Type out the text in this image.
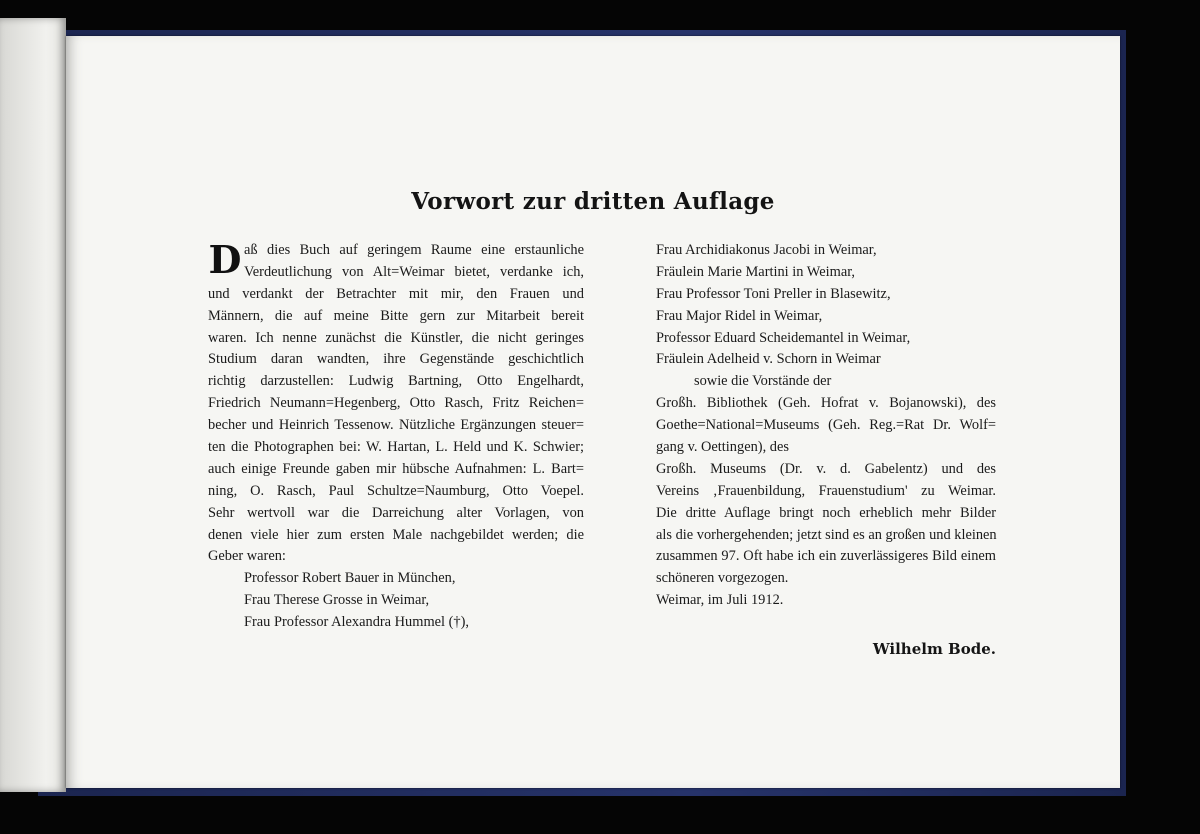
Vorwort zur dritten Auflage
D aß dies Buch auf geringem Raume eine erstaunliche
Verdeutlichung von Alt=Weimar bietet, verdanke ich,
und verdankt der Betrachter mit mir, den Frauen und
Männern, die auf meine Bitte gern zur Mitarbeit bereit
waren. Ich nenne zunächst die Künstler, die nicht geringes
Studium daran wandten, ihre Gegenstände geschichtlich
richtig darzustellen: Ludwig Bartning, Otto Engelhardt,
Friedrich Neumann=Hegenberg, Otto Rasch, Fritz Reichen=
becher und Heinrich Tessenow. Nützliche Ergänzungen steuer=
ten die Photographen bei: W. Hartan, L. Held und K. Schwier;
auch einige Freunde gaben mir hübsche Aufnahmen: L. Bart=
ning, O. Rasch, Paul Schultze=Naumburg, Otto Voepel.
Sehr wertvoll war die Darreichung alter Vorlagen, von
denen viele hier zum ersten Male nachgebildet werden; die
Geber waren:
Professor Robert Bauer in München,
Frau Therese Grosse in Weimar,
Frau Professor Alexandra Hummel (†),
Frau Archidiakonus Jacobi in Weimar,
Fräulein Marie Martini in Weimar,
Frau Professor Toni Preller in Blasewitz,
Frau Major Ridel in Weimar,
Professor Eduard Scheidemantel in Weimar,
Fräulein Adelheid v. Schorn in Weimar
sowie die Vorstände der
Großh. Bibliothek (Geh. Hofrat v. Bojanowski), des
Goethe=National=Museums (Geh. Reg.=Rat Dr. Wolf=
gang v. Oettingen), des
Großh. Museums (Dr. v. d. Gabelentz) und des
Vereins ‚Frauenbildung, Frauenstudium' zu Weimar.
Die dritte Auflage bringt noch erheblich mehr Bilder
als die vorhergehenden; jetzt sind es an großen und kleinen
zusammen 97. Oft habe ich ein zuverlässigeres Bild einem
schöneren vorgezogen.
Weimar, im Juli 1912.
Wilhelm Bode.
